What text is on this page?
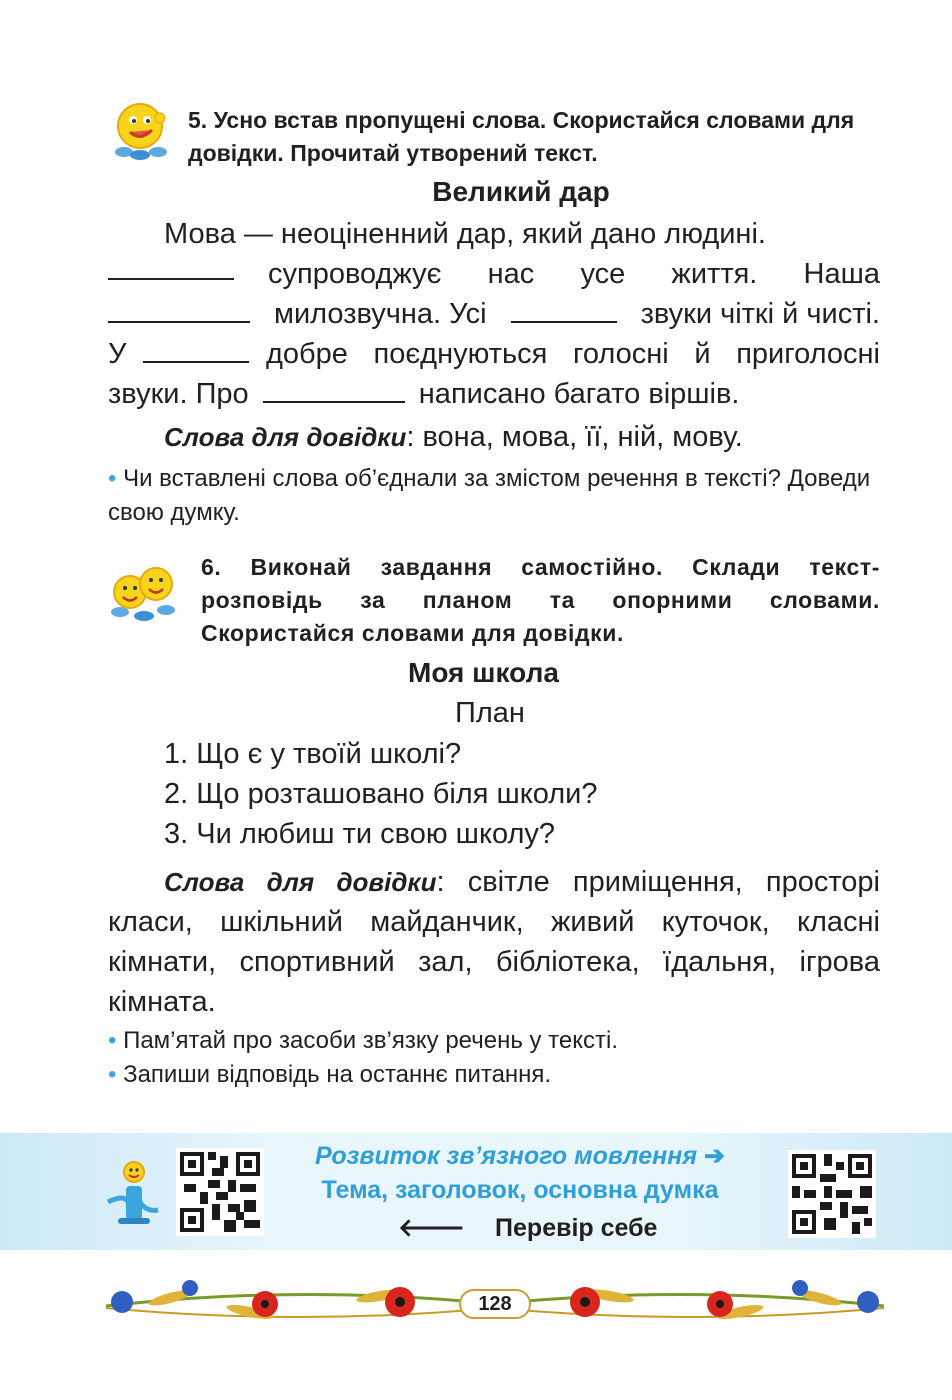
5. Усно встав пропущені слова. Скористайся словами для довідки. Прочитай утворений текст.
Великий дар
Мова — неоціненний дар, який дано людині.
супроводжує нас усе життя. Наша
милозвучна. Усі	звуки чіткі й чисті.
У	добре поєднуються голосні й приголосні
звуки. Про	написано багато віршів.
Слова для довідки: вона, мова, її, ній, мову.
• Чи вставлені слова об’єднали за змістом речення в тексті? Доведи свою думку.
6. Виконай завдання самостійно. Склади текст-розповідь за планом та опорними словами. Скористайся словами для довідки.
Моя школа
План
1. Що є у твоїй школі?
2. Що розташовано біля школи?
3. Чи любиш ти свою школу?
Слова для довідки: світле приміщення, просторі класи, шкільний майданчик, живий куточок, класні кімнати, спортивний зал, бібліотека, їдальня, ігрова кімната.
• Пам’ятай про засоби зв’язку речень у тексті.
• Запиши відповідь на останнє питання.
Розвиток зв’язного мовлення ➔
Тема, заголовок, основна думка
🡐 Перевір себе
128
